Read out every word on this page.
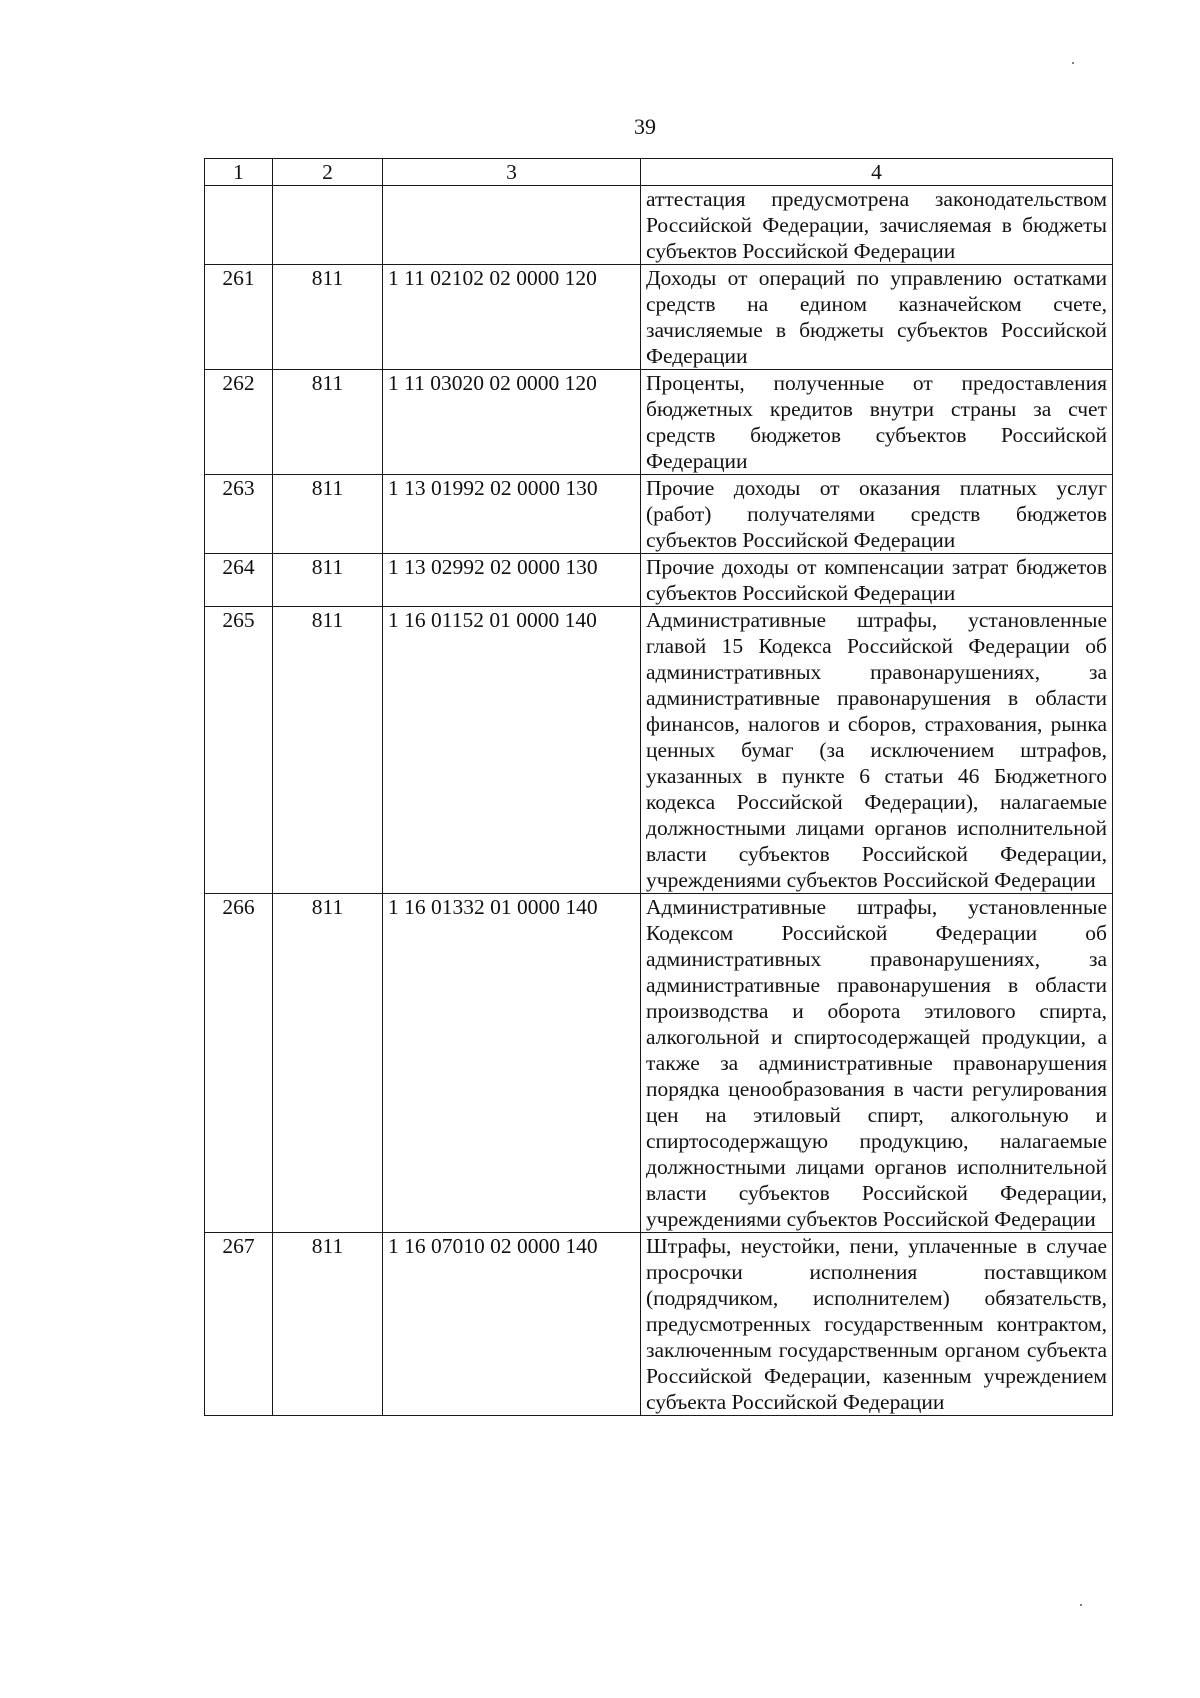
39
1	2	3	4
			аттестация предусмотрена законодательством Российской Федерации, зачисляемая в бюджеты субъектов Российской Федерации
261	811	1 11 02102 02 0000 120	Доходы от операций по управлению остатками средств на едином казначейском счете, зачисляемые в бюджеты субъектов Российской Федерации
262	811	1 11 03020 02 0000 120	Проценты, полученные от предоставления бюджетных кредитов внутри страны за счет средств бюджетов субъектов Российской Федерации
263	811	1 13 01992 02 0000 130	Прочие доходы от оказания платных услуг (работ) получателями средств бюджетов субъектов Российской Федерации
264	811	1 13 02992 02 0000 130	Прочие доходы от компенсации затрат бюджетов субъектов Российской Федерации
265	811	1 16 01152 01 0000 140	Административные штрафы, установленные главой 15 Кодекса Российской Федерации об административных правонарушениях, за административные правонарушения в области финансов, налогов и сборов, страхования, рынка ценных бумаг (за исключением штрафов, указанных в пункте 6 статьи 46 Бюджетного кодекса Российской Федерации), налагаемые должностными лицами органов исполнительной власти субъектов Российской Федерации, учреждениями субъектов Российской Федерации
266	811	1 16 01332 01 0000 140	Административные штрафы, установленные Кодексом Российской Федерации об административных правонарушениях, за административные правонарушения в области производства и оборота этилового спирта, алкогольной и спиртосодержащей продукции, а также за административные правонарушения порядка ценообразования в части регулирования цен на этиловый спирт, алкогольную и спиртосодержащую продукцию, налагаемые должностными лицами органов исполнительной власти субъектов Российской Федерации, учреждениями субъектов Российской Федерации
267	811	1 16 07010 02 0000 140	Штрафы, неустойки, пени, уплаченные в случае просрочки исполнения поставщиком (подрядчиком, исполнителем) обязательств, предусмотренных государственным контрактом, заключенным государственным органом субъекта Российской Федерации, казенным учреждением субъекта Российской Федерации
